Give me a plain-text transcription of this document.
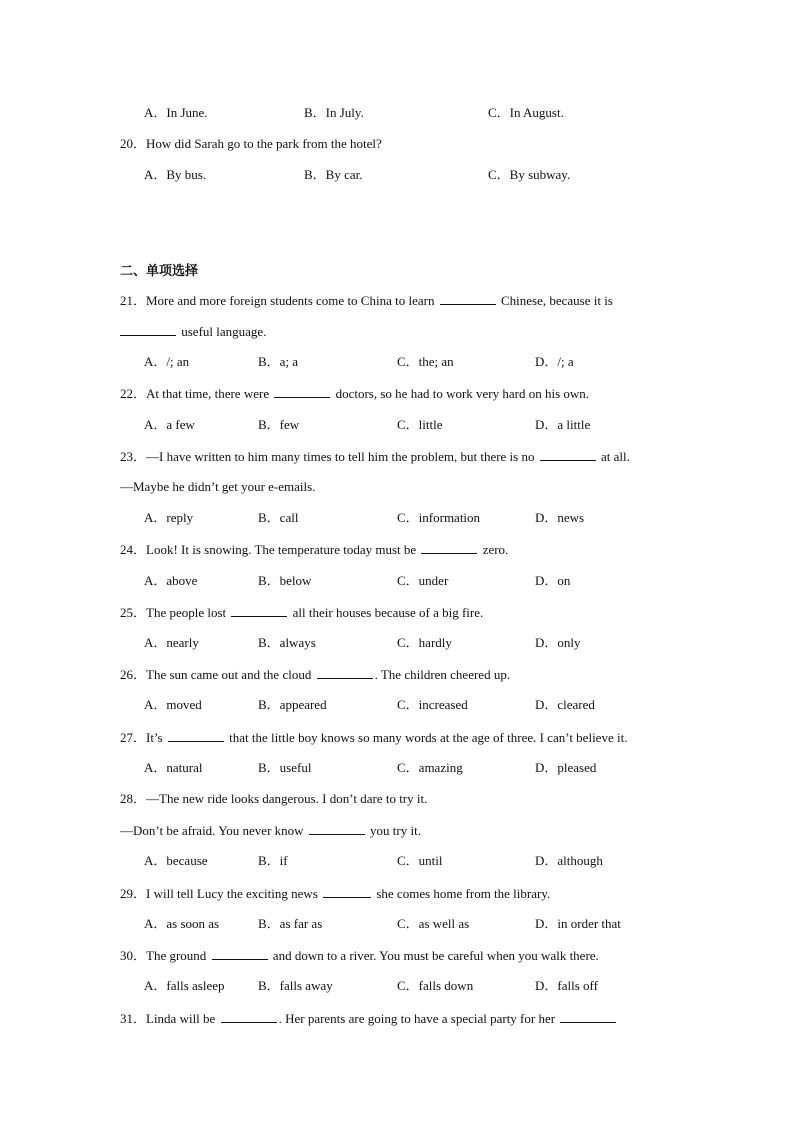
A．In June.	B．In July.	C．In August.
20．How did Sarah go to the park from the hotel?
A．By bus.	B．By car.	C．By subway.
二、单项选择
21．More and more foreign students come to China to learn	Chinese, because it is
useful language.
A．/; an	B．a; a	C．the; an	D．/; a
22．At that time, there were	doctors, so he had to work very hard on his own.
A．a few	B．few	C．little	D．a little
23．—I have written to him many times to tell him the problem, but there is no	at all.
—Maybe he didn’t get your e-emails.
A．reply	B．call	C．information	D．news
24．Look! It is snowing. The temperature today must be	zero.
A．above	B．below	C．under	D．on
25．The people lost	all their houses because of a big fire.
A．nearly	B．always	C．hardly	D．only
26．The sun came out and the cloud	. The children cheered up.
A．moved	B．appeared	C．increased	D．cleared
27．It’s	that the little boy knows so many words at the age of three. I can’t believe it.
A．natural	B．useful	C．amazing	D．pleased
28．—The new ride looks dangerous. I don’t dare to try it.
—Don’t be afraid. You never know	you try it.
A．because	B．if	C．until	D．although
29．I will tell Lucy the exciting news	she comes home from the library.
A．as soon as	B．as far as	C．as well as	D．in order that
30．The ground	and down to a river. You must be careful when you walk there.
A．falls asleep	B．falls away	C．falls down	D．falls off
31．Linda will be	. Her parents are going to have a special party for her
